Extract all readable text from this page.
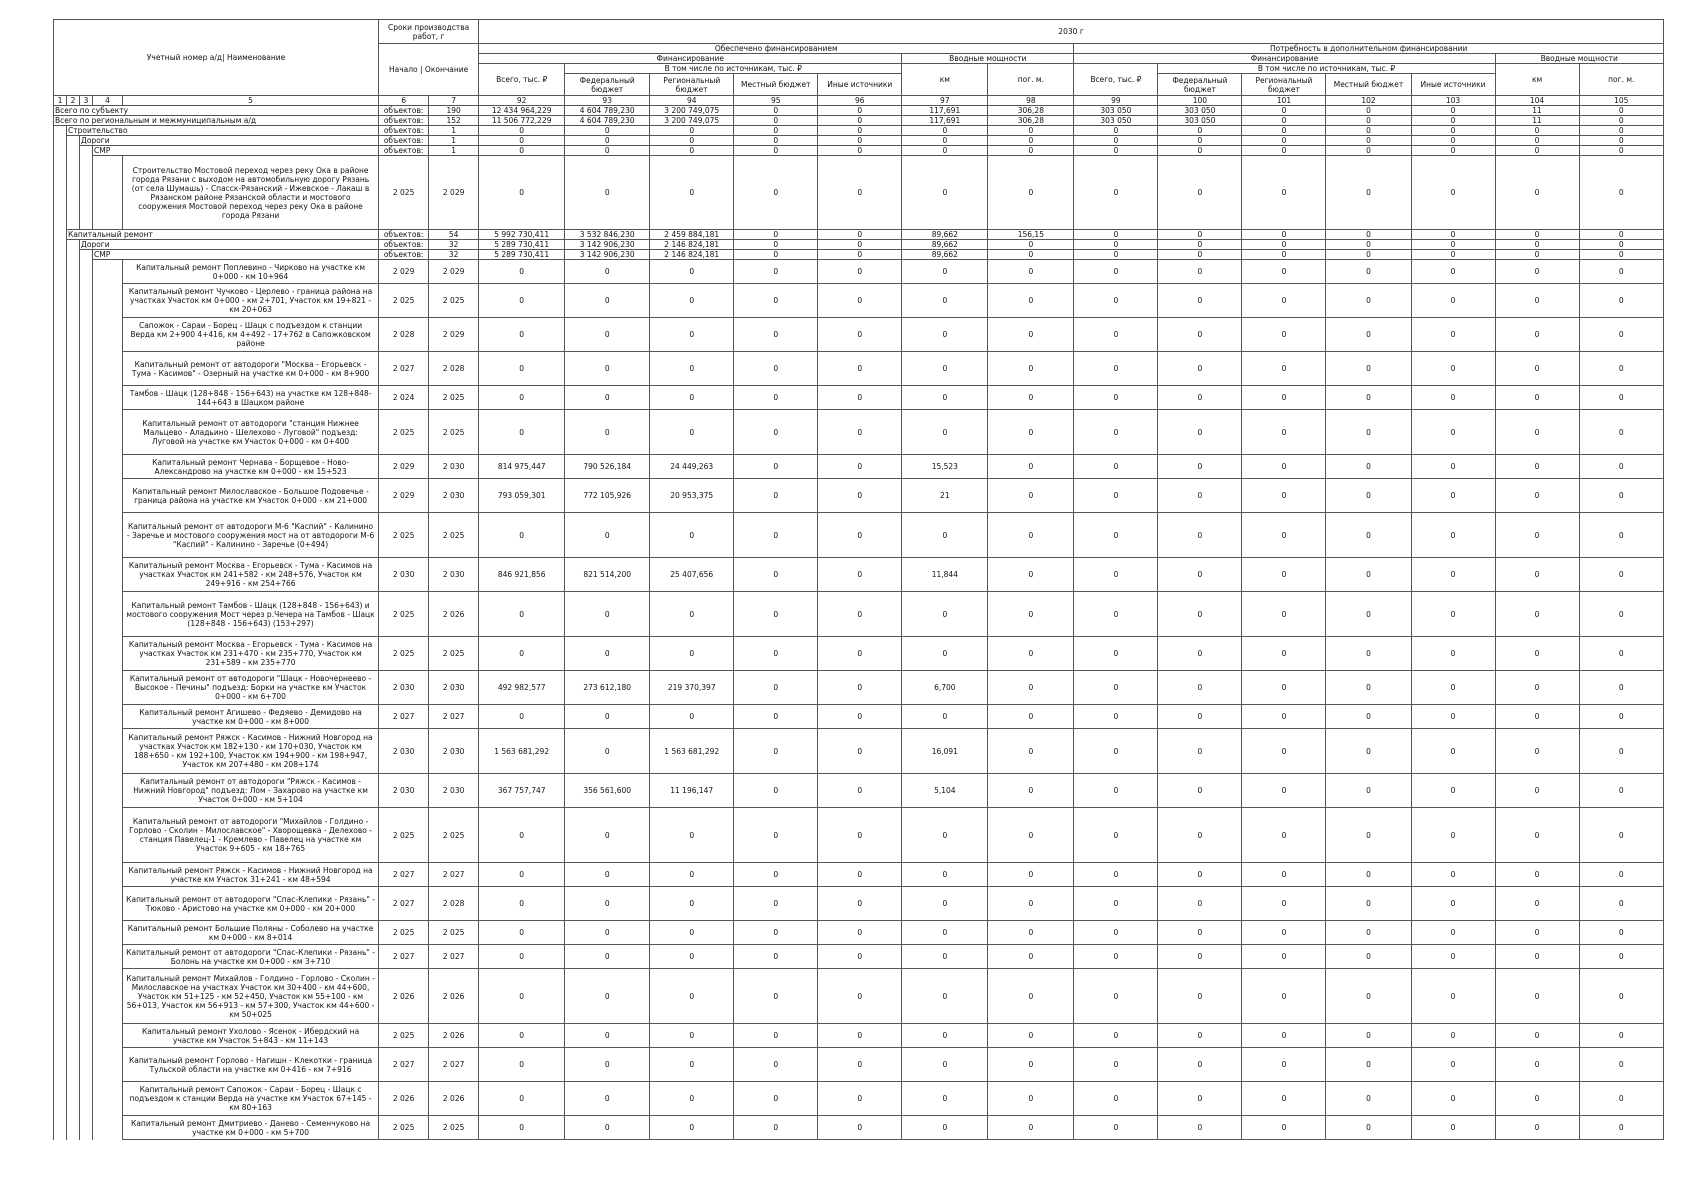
Учетный номер а/д| Наименование					Сроки производства работ, г		2030 г													
					Начало | Окончание		Обеспечено финансированием							Потребность в дополнительном финансировании						
							Финансирование					Вводные мощности		Финансирование					Вводные мощности	
							Всего, тыс. ₽	В том числе по источникам, тыс. ₽				км	пог. м.	Всего, тыс. ₽	В том числе по источникам, тыс. ₽				км	пог. м.
								Федеральный бюджет	Региональный бюджет	Местный бюджет	Иные источники				Федеральный бюджет	Региональный бюджет	Местный бюджет	Иные источники		
1	2	3	4	5	6	7	92	93	94	95	96	97	98	99	100	101	102	103	104	105
Всего по субъекту					объектов:	190	12 434 964,229	4 604 789,230	3 200 749,075	0	0	117,691	306,28	303 050	303 050	0	0	0	11	0
Всего по региональным и межмуниципальным а/д					объектов:	152	11 506 772,229	4 604 789,230	3 200 749,075	0	0	117,691	306,28	303 050	303 050	0	0	0	11	0
	Строительство				объектов:	1	0	0	0	0	0	0	0	0	0	0	0	0	0	0
		Дороги			объектов:	1	0	0	0	0	0	0	0	0	0	0	0	0	0	0
			СМР		объектов:	1	0	0	0	0	0	0	0	0	0	0	0	0	0	0
				Строительство Мостовой переход через реку Ока в районе города Рязани с выходом на автомобильную дорогу Рязань (от села Шумашь) - Спасск-Рязанский - Ижевское - Лакаш в Рязанском районе Рязанской области и мостового сооружения Мостовой переход через реку Ока в районе города Рязани	2 025	2 029	0	0	0	0	0	0	0	0	0	0	0	0	0	0
	Капитальный ремонт				объектов:	54	5 992 730,411	3 532 846,230	2 459 884,181	0	0	89,662	156,15	0	0	0	0	0	0	0
		Дороги			объектов:	32	5 289 730,411	3 142 906,230	2 146 824,181	0	0	89,662	0	0	0	0	0	0	0	0
			СМР		объектов:	32	5 289 730,411	3 142 906,230	2 146 824,181	0	0	89,662	0	0	0	0	0	0	0	0
				Капитальный ремонт Поплевино - Чирково на участке км 0+000 - км 10+964	2 029	2 029	0	0	0	0	0	0	0	0	0	0	0	0	0	0
				Капитальный ремонт Чучково - Церлево - граница района на участках Участок км 0+000 - км 2+701, Участок км 19+821 - км 20+063	2 025	2 025	0	0	0	0	0	0	0	0	0	0	0	0	0	0
				Сапожок - Сараи - Борец - Шацк с подъездом к станции Верда км 2+900 4+416, км 4+492 - 17+762 в Сапожковском районе	2 028	2 029	0	0	0	0	0	0	0	0	0	0	0	0	0	0
				Капитальный ремонт от автодороги "Москва - Егорьевск - Тума - Касимов" - Озерный на участке км 0+000 - км 8+900	2 027	2 028	0	0	0	0	0	0	0	0	0	0	0	0	0	0
				Тамбов - Шацк (128+848 - 156+643) на участке км 128+848-144+643 в Шацком районе	2 024	2 025	0	0	0	0	0	0	0	0	0	0	0	0	0	0
				Капитальный ремонт от автодороги "станция Нижнее Мальцево - Аладьино - Шелехово - Луговой" подъезд: Луговой на участке км Участок 0+000 - км 0+400	2 025	2 025	0	0	0	0	0	0	0	0	0	0	0	0	0	0
				Капитальный ремонт Чернава - Борщевое - Ново-Александрово на участке км 0+000 - км 15+523	2 029	2 030	814 975,447	790 526,184	24 449,263	0	0	15,523	0	0	0	0	0	0	0	0
				Капитальный ремонт Милославское - Большое Подовечье - граница района на участке км Участок 0+000 - км 21+000	2 029	2 030	793 059,301	772 105,926	20 953,375	0	0	21	0	0	0	0	0	0	0	0
				Капитальный ремонт от автодороги М-6 "Каспий" - Калинино - Заречье и мостового сооружения мост на от автодороги М-6 "Каспий" - Калинино - Заречье (0+494)	2 025	2 025	0	0	0	0	0	0	0	0	0	0	0	0	0	0
				Капитальный ремонт Москва - Егорьевск - Тума - Касимов на участках Участок км 241+582 - км 248+576, Участок км 249+916 - км 254+766	2 030	2 030	846 921,856	821 514,200	25 407,656	0	0	11,844	0	0	0	0	0	0	0	0
				Капитальный ремонт Тамбов - Шацк (128+848 - 156+643) и мостового сооружения Мост через р.Чечера на Тамбов - Шацк (128+848 - 156+643) (153+297)	2 025	2 026	0	0	0	0	0	0	0	0	0	0	0	0	0	0
				Капитальный ремонт Москва - Егорьевск - Тума - Касимов на участках Участок км 231+470 - км 235+770, Участок км 231+589 - км 235+770	2 025	2 025	0	0	0	0	0	0	0	0	0	0	0	0	0	0
				Капитальный ремонт от автодороги "Шацк - Новочернеево - Высокое - Печины" подъезд: Борки на участке км Участок 0+000 - км 6+700	2 030	2 030	492 982,577	273 612,180	219 370,397	0	0	6,700	0	0	0	0	0	0	0	0
				Капитальный ремонт Агишево - Федяево - Демидово на участке км 0+000 - км 8+000	2 027	2 027	0	0	0	0	0	0	0	0	0	0	0	0	0	0
				Капитальный ремонт Ряжск - Касимов - Нижний Новгород на участках Участок км 182+130 - км 170+030, Участок км 188+650 - км 192+100, Участок км 194+900 - км 198+947, Участок км 207+480 - км 208+174	2 030	2 030	1 563 681,292	0	1 563 681,292	0	0	16,091	0	0	0	0	0	0	0	0
				Капитальный ремонт от автодороги "Ряжск - Касимов - Нижний Новгород" подъезд: Лом - Захарово на участке км Участок 0+000 - км 5+104	2 030	2 030	367 757,747	356 561,600	11 196,147	0	0	5,104	0	0	0	0	0	0	0	0
				Капитальный ремонт от автодороги "Михайлов - Голдино - Горлово - Сколин - Милославское" - Хворощевка - Делехово - станция Павелец-1 - Кремлево - Павелец на участке км Участок 9+605 - км 18+765	2 025	2 025	0	0	0	0	0	0	0	0	0	0	0	0	0	0
				Капитальный ремонт Ряжск - Касимов - Нижний Новгород на участке км Участок 31+241 - км 48+594	2 027	2 027	0	0	0	0	0	0	0	0	0	0	0	0	0	0
				Капитальный ремонт от автодороги "Спас-Клепики - Рязань" - Тюково - Аристово на участке км 0+000 - км 20+000	2 027	2 028	0	0	0	0	0	0	0	0	0	0	0	0	0	0
				Капитальный ремонт Большие Поляны - Соболево на участке км 0+000 - км 8+014	2 025	2 025	0	0	0	0	0	0	0	0	0	0	0	0	0	0
				Капитальный ремонт от автодороги "Спас-Клепики - Рязань" - Болонь на участке км 0+000 - км 3+710	2 027	2 027	0	0	0	0	0	0	0	0	0	0	0	0	0	0
				Капитальный ремонт Михайлов - Голдино - Горлово - Сколин - Милославское на участках Участок км 30+400 - км 44+600, Участок км 51+125 - км 52+450, Участок км 55+100 - км 56+013, Участок км 56+913 - км 57+300, Участок км 44+600 - км 50+025	2 026	2 026	0	0	0	0	0	0	0	0	0	0	0	0	0	0
				Капитальный ремонт Ухолово - Ясенок - Ибердский на участке км Участок 5+843 - км 11+143	2 025	2 026	0	0	0	0	0	0	0	0	0	0	0	0	0	0
				Капитальный ремонт Горлово - Нагишн - Клекотки - граница Тульской области на участке км 0+416 - км 7+916	2 027	2 027	0	0	0	0	0	0	0	0	0	0	0	0	0	0
				Капитальный ремонт Сапожок - Сараи - Борец - Шацк с подъездом к станции Верда на участке км Участок 67+145 - км 80+163	2 026	2 026	0	0	0	0	0	0	0	0	0	0	0	0	0	0
				Капитальный ремонт Дмитриево - Данево - Семенчуково на участке км 0+000 - км 5+700	2 025	2 025	0	0	0	0	0	0	0	0	0	0	0	0	0	0
